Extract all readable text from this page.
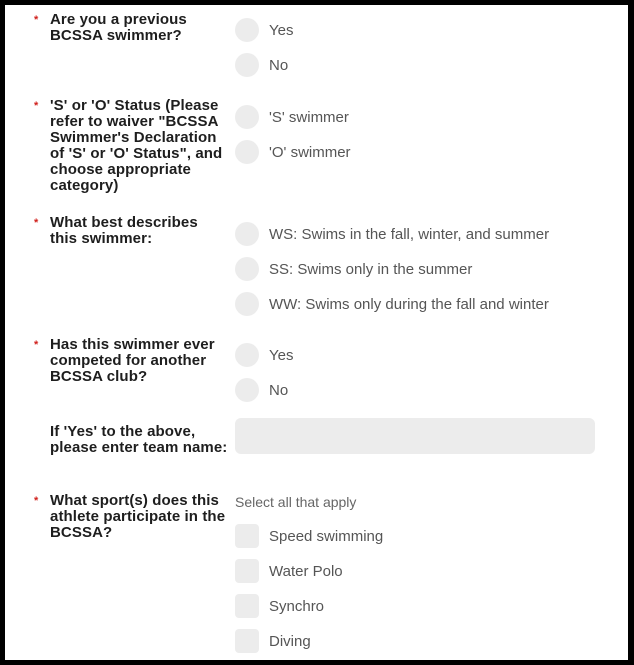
* Are you a previous BCSSA swimmer?	Yes
No
* 'S' or 'O' Status (Please refer to waiver "BCSSA Swimmer's Declaration of 'S' or 'O' Status", and choose appropriate category)

'S' swimmer
'O' swimmer
* What best describes this swimmer:	WS: Swims in the fall, winter, and summer
SS: Swims only in the summer
WW: Swims only during the fall and winter
* Has this swimmer ever competed for another BCSSA club?

Yes
No

If 'Yes' to the above, please enter team name:

* What sport(s) does this athlete participate in the BCSSA?

Select all that apply
Speed swimming
Water Polo
Synchro
Diving
